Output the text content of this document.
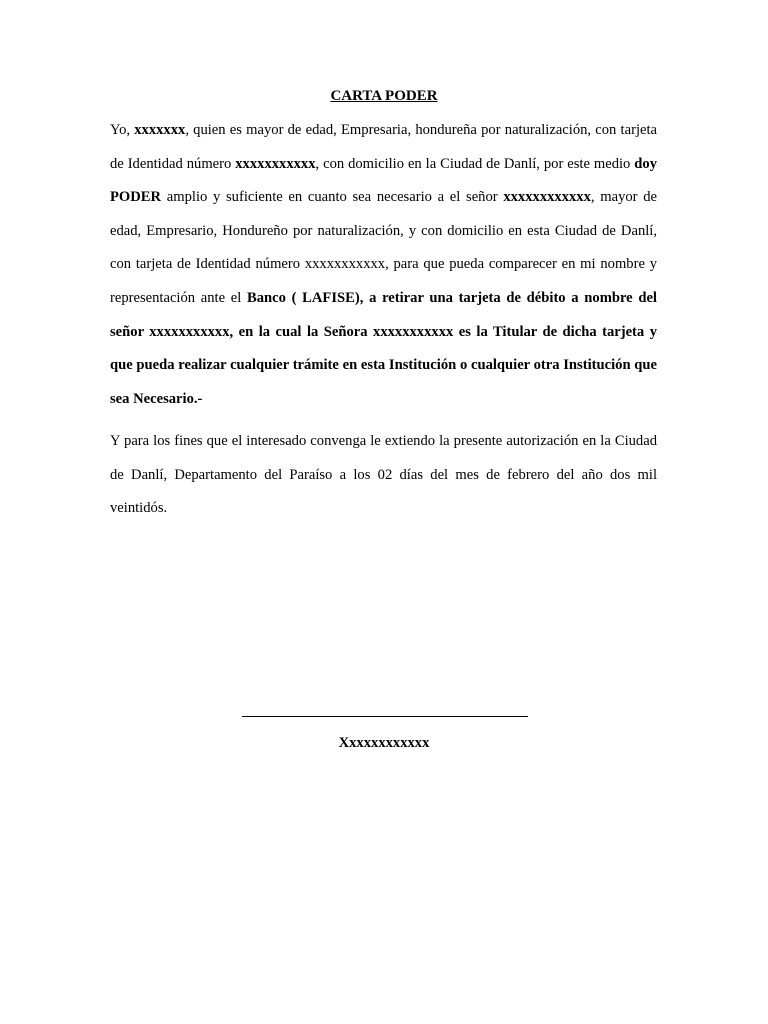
CARTA PODER

Yo, xxxxxxx, quien es mayor de edad, Empresaria, hondureña por naturalización, con tarjeta de Identidad número xxxxxxxxxxx, con domicilio en la Ciudad de Danlí, por este medio doy PODER amplio y suficiente en cuanto sea necesario a el señor xxxxxxxxxxxx, mayor de edad, Empresario, Hondureño por naturalización, y con domicilio en esta Ciudad de Danlí, con tarjeta de Identidad número xxxxxxxxxxx, para que pueda comparecer en mi nombre y representación ante el Banco ( LAFISE), a retirar una tarjeta de débito a nombre del señor xxxxxxxxxxx, en la cual la Señora xxxxxxxxxxx es la Titular de dicha tarjeta y que pueda realizar cualquier trámite en esta Institución o cualquier otra Institución que sea Necesario.-

Y para los fines que el interesado convenga le extiendo la presente autorización en la Ciudad de Danlí, Departamento del Paraíso a los 02 días del mes de febrero del año dos mil veintidós.

Xxxxxxxxxxxx
